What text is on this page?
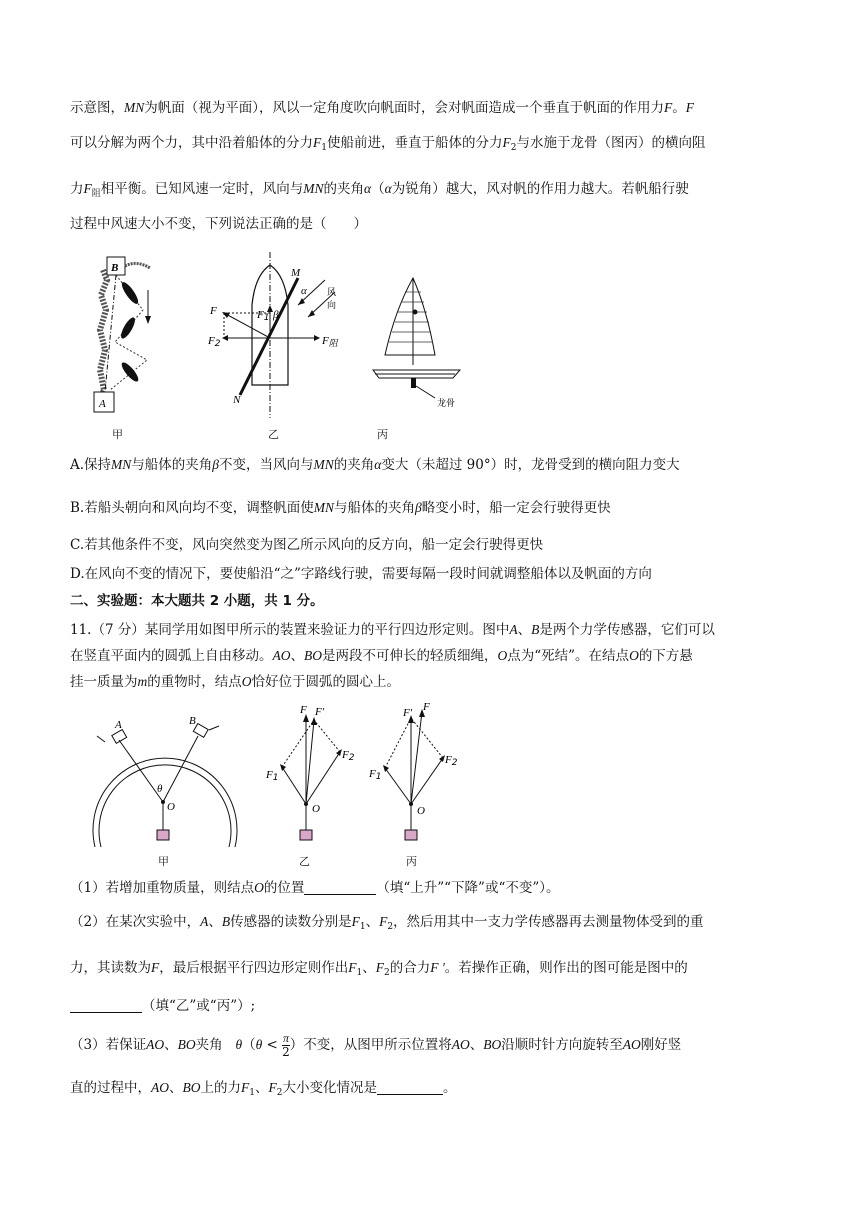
示意图，MN为帆面（视为平面），风以一定角度吹向帆面时，会对帆面造成一个垂直于帆面的作用力F。F
可以分解为两个力，其中沿着船体的分力$F_1$使船前进，垂直于船体的分力$F_2$与水施于龙骨（图丙）的横向阻
力$F_阻$相平衡。已知风速一定时，风向与MN的夹角α（α为锐角）越大，风对帆的作用力越大。若帆船行驶
过程中风速大小不变，下列说法正确的是（　　）
B
A
甲
M
N
风
向
α
F	F1 β
F2	F阻
乙
龙骨
丙
A.保持MN与船体的夹角β不变，当风向与MN的夹角α变大（未超过 90°）时，龙骨受到的横向阻力变大
B.若船头朝向和风向均不变，调整帆面使MN与船体的夹角β略变小时，船一定会行驶得更快
C.若其他条件不变，风向突然变为图乙所示风向的反方向，船一定会行驶得更快
D.在风向不变的情况下，要使船沿“之”字路线行驶，需要每隔一段时间就调整船体以及帆面的方向
二、实验题：本大题共 2 小题，共 1 分。
11.（7 分）某同学用如图甲所示的装置来验证力的平行四边形定则。图中A、B是两个力学传感器，它们可以
在竖直平面内的圆弧上自由移动。AO、BO是两段不可伸长的轻质细绳，O点为“死结”。在结点O的下方悬
挂一质量为m的重物时，结点O恰好位于圆弧的圆心上。
A	B
θ
O
甲
F F'
F1
F2
O
乙
F' F
F1
F2
O
丙
（1）若增加重物质量，则结点O的位置	（填“上升”“下降”或“不变”）。
（2）在某次实验中，A、B传感器的读数分别是$F_1$、$F_2$，然后用其中一支力学传感器再去测量物体受到的重
力，其读数为F，最后根据平行四边形定则作出$F_1$、$F_2$的合力F '。若操作正确，则作出的图可能是图中的
（填“乙”或“丙”）;
（3）若保证AO、BO夹角 $\theta(\theta < \frac{\pi}{2}$ ）不变，从图甲所示位置将AO、BO沿顺时针方向旋转至AO刚好竖
直的过程中，AO、BO上的力$F_1$、$F_2$大小变化情况是	。
